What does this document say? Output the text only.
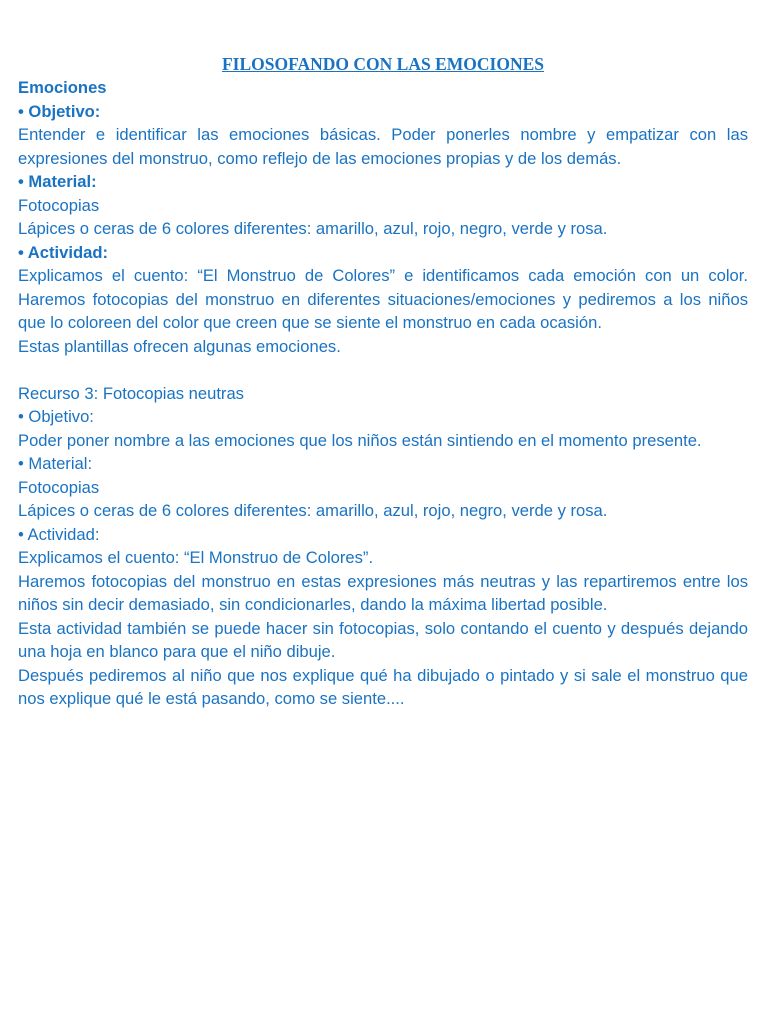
FILOSOFANDO CON LAS EMOCIONES
Emociones
• Objetivo:

Entender e identificar las emociones básicas. Poder ponerles nombre y empatizar con las expresiones del monstruo, como reflejo de las emociones propias y de los demás.

• Material:
Fotocopias
Lápices o ceras de 6 colores diferentes: amarillo, azul, rojo, negro, verde y rosa.
• Actividad:

Explicamos el cuento: “El Monstruo de Colores” e identificamos cada emoción con un color. Haremos fotocopias del monstruo en diferentes situaciones/emociones y pediremos a los niños que lo coloreen del color que creen que se siente el monstruo en cada ocasión.

Estas plantillas ofrecen algunas emociones.
Recurso 3: Fotocopias neutras
• Objetivo:

Poder poner nombre a las emociones que los niños están sintiendo en el momento presente.

• Material:
Fotocopias
Lápices o ceras de 6 colores diferentes: amarillo, azul, rojo, negro, verde y rosa.
• Actividad:
Explicamos el cuento: “El Monstruo de Colores”.

Haremos fotocopias del monstruo en estas expresiones más neutras y las repartiremos entre los niños sin decir demasiado, sin condicionarles, dando la máxima libertad posible.

Esta actividad también se puede hacer sin fotocopias, solo contando el cuento y después dejando una hoja en blanco para que el niño dibuje.

Después pediremos al niño que nos explique qué ha dibujado o pintado y si sale el monstruo que nos explique qué le está pasando, como se siente....
